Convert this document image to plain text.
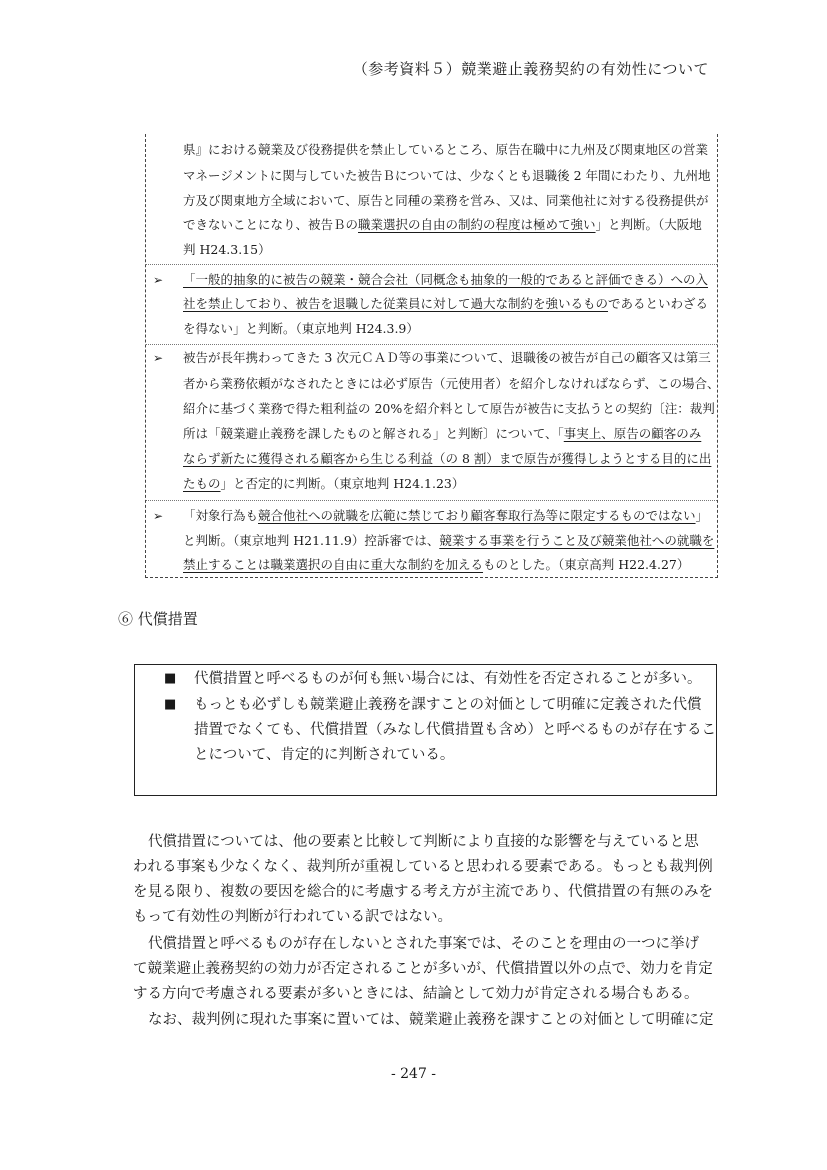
（参考資料５）競業避止義務契約の有効性について
県』における競業及び役務提供を禁止しているところ、原告在職中に九州及び関東地区の営業
マネージメントに関与していた被告Ｂについては、少なくとも退職後 2 年間にわたり、九州地
方及び関東地方全域において、原告と同種の業務を営み、又は、同業他社に対する役務提供が
できないことになり、被告Ｂの職業選択の自由の制約の程度は極めて強い」と判断。（大阪地
判 H24.3.15）
➢ 「一般的抽象的に被告の競業・競合会社（同概念も抽象的一般的であると評価できる）への入
社を禁止しており、被告を退職した従業員に対して過大な制約を強いるものであるといわざる
を得ない」と判断。（東京地判 H24.3.9）
➢ 被告が長年携わってきた 3 次元ＣＡＤ等の事業について、退職後の被告が自己の顧客又は第三
者から業務依頼がなされたときには必ず原告（元使用者）を紹介しなければならず、この場合、
紹介に基づく業務で得た粗利益の 20%を紹介料として原告が被告に支払うとの契約〔注：裁判
所は「競業避止義務を課したものと解される」と判断〕について、「事実上、原告の顧客のみ
ならず新たに獲得される顧客から生じる利益（の 8 割）まで原告が獲得しようとする目的に出
たもの」と否定的に判断。（東京地判 H24.1.23）
➢ 「対象行為も競合他社への就職を広範に禁じており顧客奪取行為等に限定するものではない」
と判断。（東京地判 H21.11.9）控訴審では、競業する事業を行うこと及び競業他社への就職を
禁止することは職業選択の自由に重大な制約を加えるものとした。（東京高判 H22.4.27）
⑥ 代償措置
■ 代償措置と呼べるものが何も無い場合には、有効性を否定されることが多い。
■ もっとも必ずしも競業避止義務を課すことの対価として明確に定義された代償
措置でなくても、代償措置（みなし代償措置も含め）と呼べるものが存在するこ
とについて、肯定的に判断されている。
代償措置については、他の要素と比較して判断により直接的な影響を与えていると思
われる事案も少なくなく、裁判所が重視していると思われる要素である。もっとも裁判例
を見る限り、複数の要因を総合的に考慮する考え方が主流であり、代償措置の有無のみを
もって有効性の判断が行われている訳ではない。
代償措置と呼べるものが存在しないとされた事案では、そのことを理由の一つに挙げ
て競業避止義務契約の効力が否定されることが多いが、代償措置以外の点で、効力を肯定
する方向で考慮される要素が多いときには、結論として効力が肯定される場合もある。
なお、裁判例に現れた事案に置いては、競業避止義務を課すことの対価として明確に定
- 247 -
